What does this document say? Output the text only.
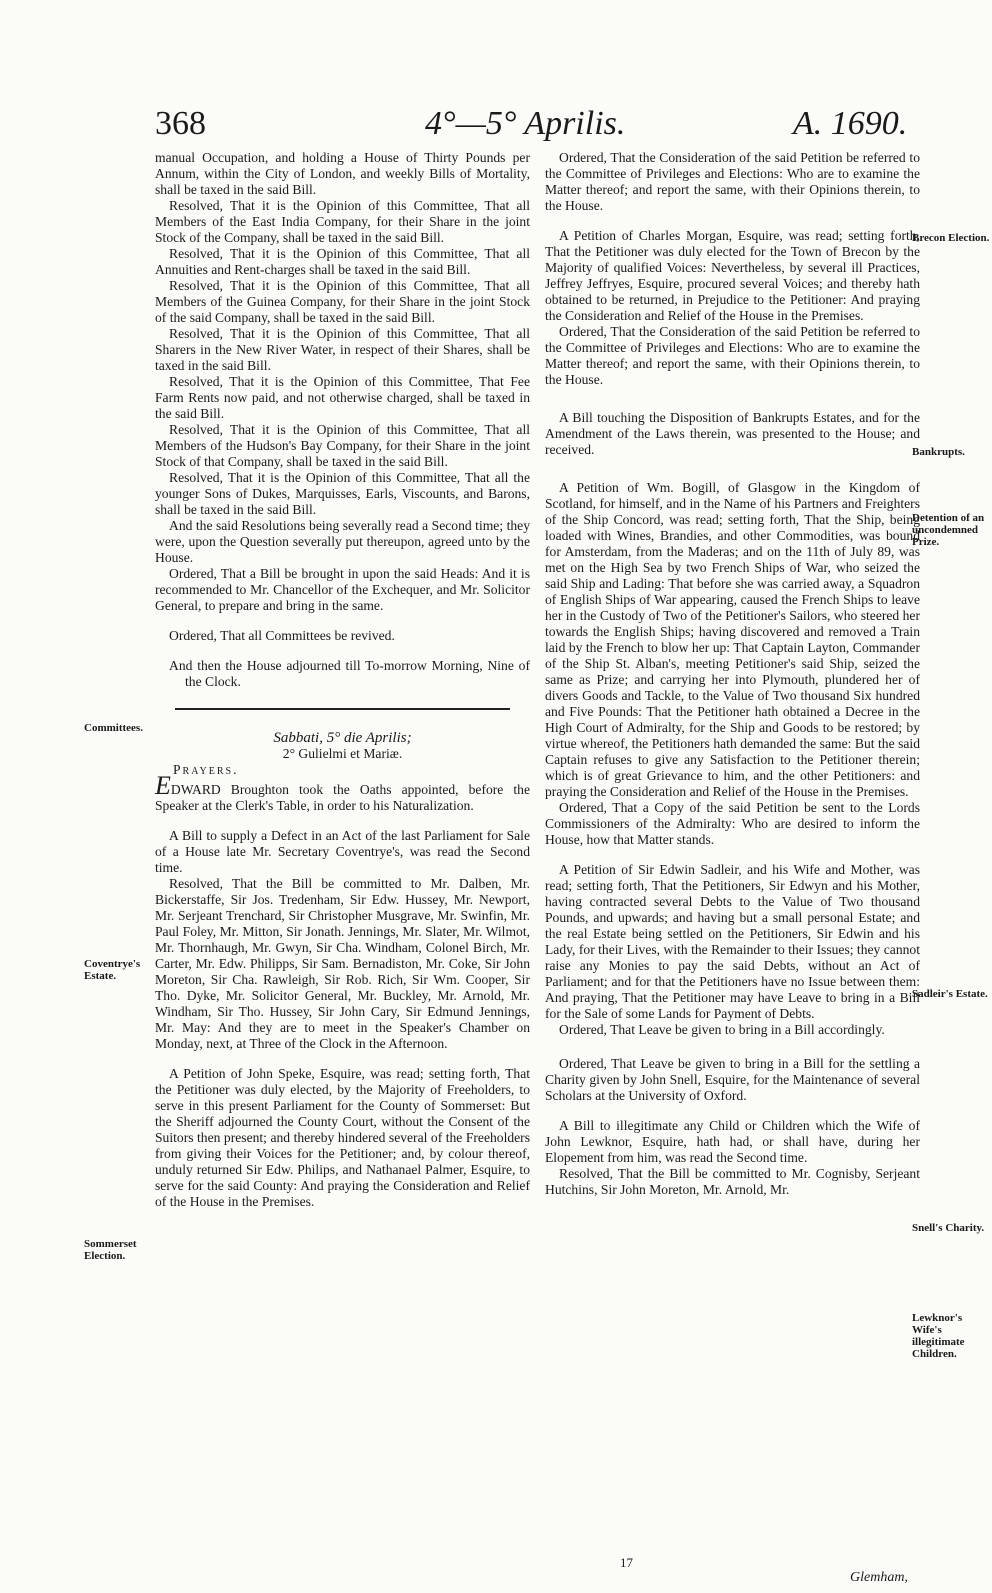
368	4°—5° Aprilis.	A. 1690.

manual Occupation, and holding a House of Thirty Pounds per Annum, within the City of London, and weekly Bills of Mortality, shall be taxed in the said Bill.

Resolved, That it is the Opinion of this Committee, That all Members of the East India Company, for their Share in the joint Stock of the Company, shall be taxed in the said Bill.

Resolved, That it is the Opinion of this Committee, That all Annuities and Rent-charges shall be taxed in the said Bill.

Resolved, That it is the Opinion of this Committee, That all Members of the Guinea Company, for their Share in the joint Stock of the said Company, shall be taxed in the said Bill.

Resolved, That it is the Opinion of this Committee, That all Sharers in the New River Water, in respect of their Shares, shall be taxed in the said Bill.

Resolved, That it is the Opinion of this Committee, That Fee Farm Rents now paid, and not otherwise charged, shall be taxed in the said Bill.

Resolved, That it is the Opinion of this Committee, That all Members of the Hudson's Bay Company, for their Share in the joint Stock of that Company, shall be taxed in the said Bill.

Resolved, That it is the Opinion of this Committee, That all the younger Sons of Dukes, Marquisses, Earls, Viscounts, and Barons, shall be taxed in the said Bill.

And the said Resolutions being severally read a Second time; they were, upon the Question severally put thereupon, agreed unto by the House.

Ordered, That a Bill be brought in upon the said Heads: And it is recommended to Mr. Chancellor of the Exchequer, and Mr. Solicitor General, to prepare and bring in the same.

Ordered, That all Committees be revived.

And then the House adjourned till To-morrow Morning, Nine of the Clock.

Sabbati, 5° die Aprilis;

2° Gulielmi et Mariæ.

Prayers.

EDWARD Broughton took the Oaths appointed, before the Speaker at the Clerk's Table, in order to his Naturalization.

A Bill to supply a Defect in an Act of the last Parliament for Sale of a House late Mr. Secretary Coventrye's, was read the Second time.

Resolved, That the Bill be committed to Mr. Dalben, Mr. Bickerstaffe, Sir Jos. Tredenham, Sir Edw. Hussey, Mr. Newport, Mr. Serjeant Trenchard, Sir Christopher Musgrave, Mr. Swinfin, Mr. Paul Foley, Mr. Mitton, Sir Jonath. Jennings, Mr. Slater, Mr. Wilmot, Mr. Thornhaugh, Mr. Gwyn, Sir Cha. Windham, Colonel Birch, Mr. Carter, Mr. Edw. Philipps, Sir Sam. Bernadiston, Mr. Coke, Sir John Moreton, Sir Cha. Rawleigh, Sir Rob. Rich, Sir Wm. Cooper, Sir Tho. Dyke, Mr. Solicitor General, Mr. Buckley, Mr. Arnold, Mr. Windham, Sir Tho. Hussey, Sir John Cary, Sir Edmund Jennings, Mr. May: And they are to meet in the Speaker's Chamber on Monday, next, at Three of the Clock in the Afternoon.

A Petition of John Speke, Esquire, was read; setting forth, That the Petitioner was duly elected, by the Majority of Freeholders, to serve in this present Parliament for the County of Sommerset: But the Sheriff adjourned the County Court, without the Consent of the Suitors then present; and thereby hindered several of the Freeholders from giving their Voices for the Petitioner; and, by colour thereof, unduly returned Sir Edw. Philips, and Nathanael Palmer, Esquire, to serve for the said County: And praying the Consideration and Relief of the House in the Premises.

Ordered, That the Consideration of the said Petition be referred to the Committee of Privileges and Elections: Who are to examine the Matter thereof; and report the same, with their Opinions therein, to the House.

A Petition of Charles Morgan, Esquire, was read; setting forth, That the Petitioner was duly elected for the Town of Brecon by the Majority of qualified Voices: Nevertheless, by several ill Practices, Jeffrey Jeffryes, Esquire, procured several Voices; and thereby hath obtained to be returned, in Prejudice to the Petitioner: And praying the Consideration and Relief of the House in the Premises.

Ordered, That the Consideration of the said Petition be referred to the Committee of Privileges and Elections: Who are to examine the Matter thereof; and report the same, with their Opinions therein, to the House.

A Bill touching the Disposition of Bankrupts Estates, and for the Amendment of the Laws therein, was presented to the House; and received.

A Petition of Wm. Bogill, of Glasgow in the Kingdom of Scotland, for himself, and in the Name of his Partners and Freighters of the Ship Concord, was read; setting forth, That the Ship, being loaded with Wines, Brandies, and other Commodities, was bound for Amsterdam, from the Maderas; and on the 11th of July 89, was met on the High Sea by two French Ships of War, who seized the said Ship and Lading: That before she was carried away, a Squadron of English Ships of War appearing, caused the French Ships to leave her in the Custody of Two of the Petitioner's Sailors, who steered her towards the English Ships; having discovered and removed a Train laid by the French to blow her up: That Captain Layton, Commander of the Ship St. Alban's, meeting Petitioner's said Ship, seized the same as Prize; and carrying her into Plymouth, plundered her of divers Goods and Tackle, to the Value of Two thousand Six hundred and Five Pounds: That the Petitioner hath obtained a Decree in the High Court of Admiralty, for the Ship and Goods to be restored; by virtue whereof, the Petitioners hath demanded the same: But the said Captain refuses to give any Satisfaction to the Petitioner therein; which is of great Grievance to him, and the other Petitioners: and praying the Consideration and Relief of the House in the Premises.

Ordered, That a Copy of the said Petition be sent to the Lords Commissioners of the Admiralty: Who are desired to inform the House, how that Matter stands.

A Petition of Sir Edwin Sadleir, and his Wife and Mother, was read; setting forth, That the Petitioners, Sir Edwyn and his Mother, having contracted several Debts to the Value of Two thousand Pounds, and upwards; and having but a small personal Estate; and the real Estate being settled on the Petitioners, Sir Edwin and his Lady, for their Lives, with the Remainder to their Issues; they cannot raise any Monies to pay the said Debts, without an Act of Parliament; and for that the Petitioners have no Issue between them: And praying, That the Petitioner may have Leave to bring in a Bill for the Sale of some Lands for Payment of Debts.

Ordered, That Leave be given to bring in a Bill accordingly.

Ordered, That Leave be given to bring in a Bill for the settling a Charity given by John Snell, Esquire, for the Maintenance of several Scholars at the University of Oxford.

A Bill to illegitimate any Child or Children which the Wife of John Lewknor, Esquire, hath had, or shall have, during her Elopement from him, was read the Second time.

Resolved, That the Bill be committed to Mr. Cognisby, Serjeant Hutchins, Sir John Moreton, Mr. Arnold, Mr.

Committees.
Coventrye's Estate.
Sommerset Election.
Brecon Election.
Bankrupts.
Detention of an uncondemned Prize.
Sadleir's Estate.
Snell's Charity.
Lewknor's Wife's illegitimate Children.
17
Glemham,
